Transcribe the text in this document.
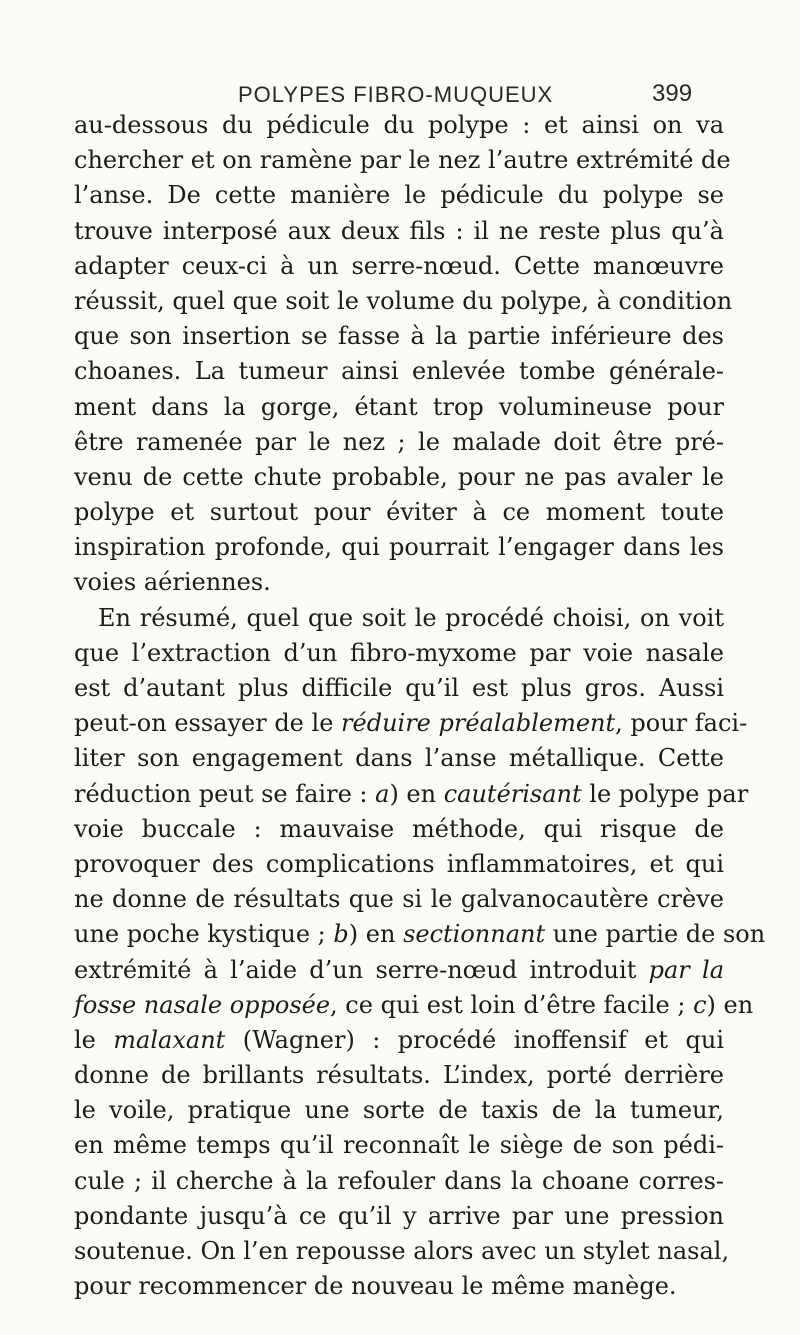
POLYPES FIBRO-MUQUEUX	399
au-dessous du pédicule du polype : et ainsi on va
chercher et on ramène par le nez l’autre extrémité de
l’anse. De cette manière le pédicule du polype se
trouve interposé aux deux fils : il ne reste plus qu’à
adapter ceux-ci à un serre-nœud. Cette manœuvre
réussit, quel que soit le volume du polype, à condition
que son insertion se fasse à la partie inférieure des
choanes. La tumeur ainsi enlevée tombe générale-
ment dans la gorge, étant trop volumineuse pour
être ramenée par le nez ; le malade doit être pré-
venu de cette chute probable, pour ne pas avaler le
polype et surtout pour éviter à ce moment toute
inspiration profonde, qui pourrait l’engager dans les
voies aériennes.
En résumé, quel que soit le procédé choisi, on voit
que l’extraction d’un fibro-myxome par voie nasale
est d’autant plus difficile qu’il est plus gros. Aussi
peut-on essayer de le réduire préalablement, pour faci-
liter son engagement dans l’anse métallique. Cette
réduction peut se faire : a) en cautérisant le polype par
voie buccale : mauvaise méthode, qui risque de
provoquer des complications inflammatoires, et qui
ne donne de résultats que si le galvanocautère crève
une poche kystique ; b) en sectionnant une partie de son
extrémité à l’aide d’un serre-nœud introduit par la
fosse nasale opposée, ce qui est loin d’être facile ; c) en
le malaxant (Wagner) : procédé inoffensif et qui
donne de brillants résultats. L’index, porté derrière
le voile, pratique une sorte de taxis de la tumeur,
en même temps qu’il reconnaît le siège de son pédi-
cule ; il cherche à la refouler dans la choane corres-
pondante jusqu’à ce qu’il y arrive par une pression
soutenue. On l’en repousse alors avec un stylet nasal,
pour recommencer de nouveau le même manège.
